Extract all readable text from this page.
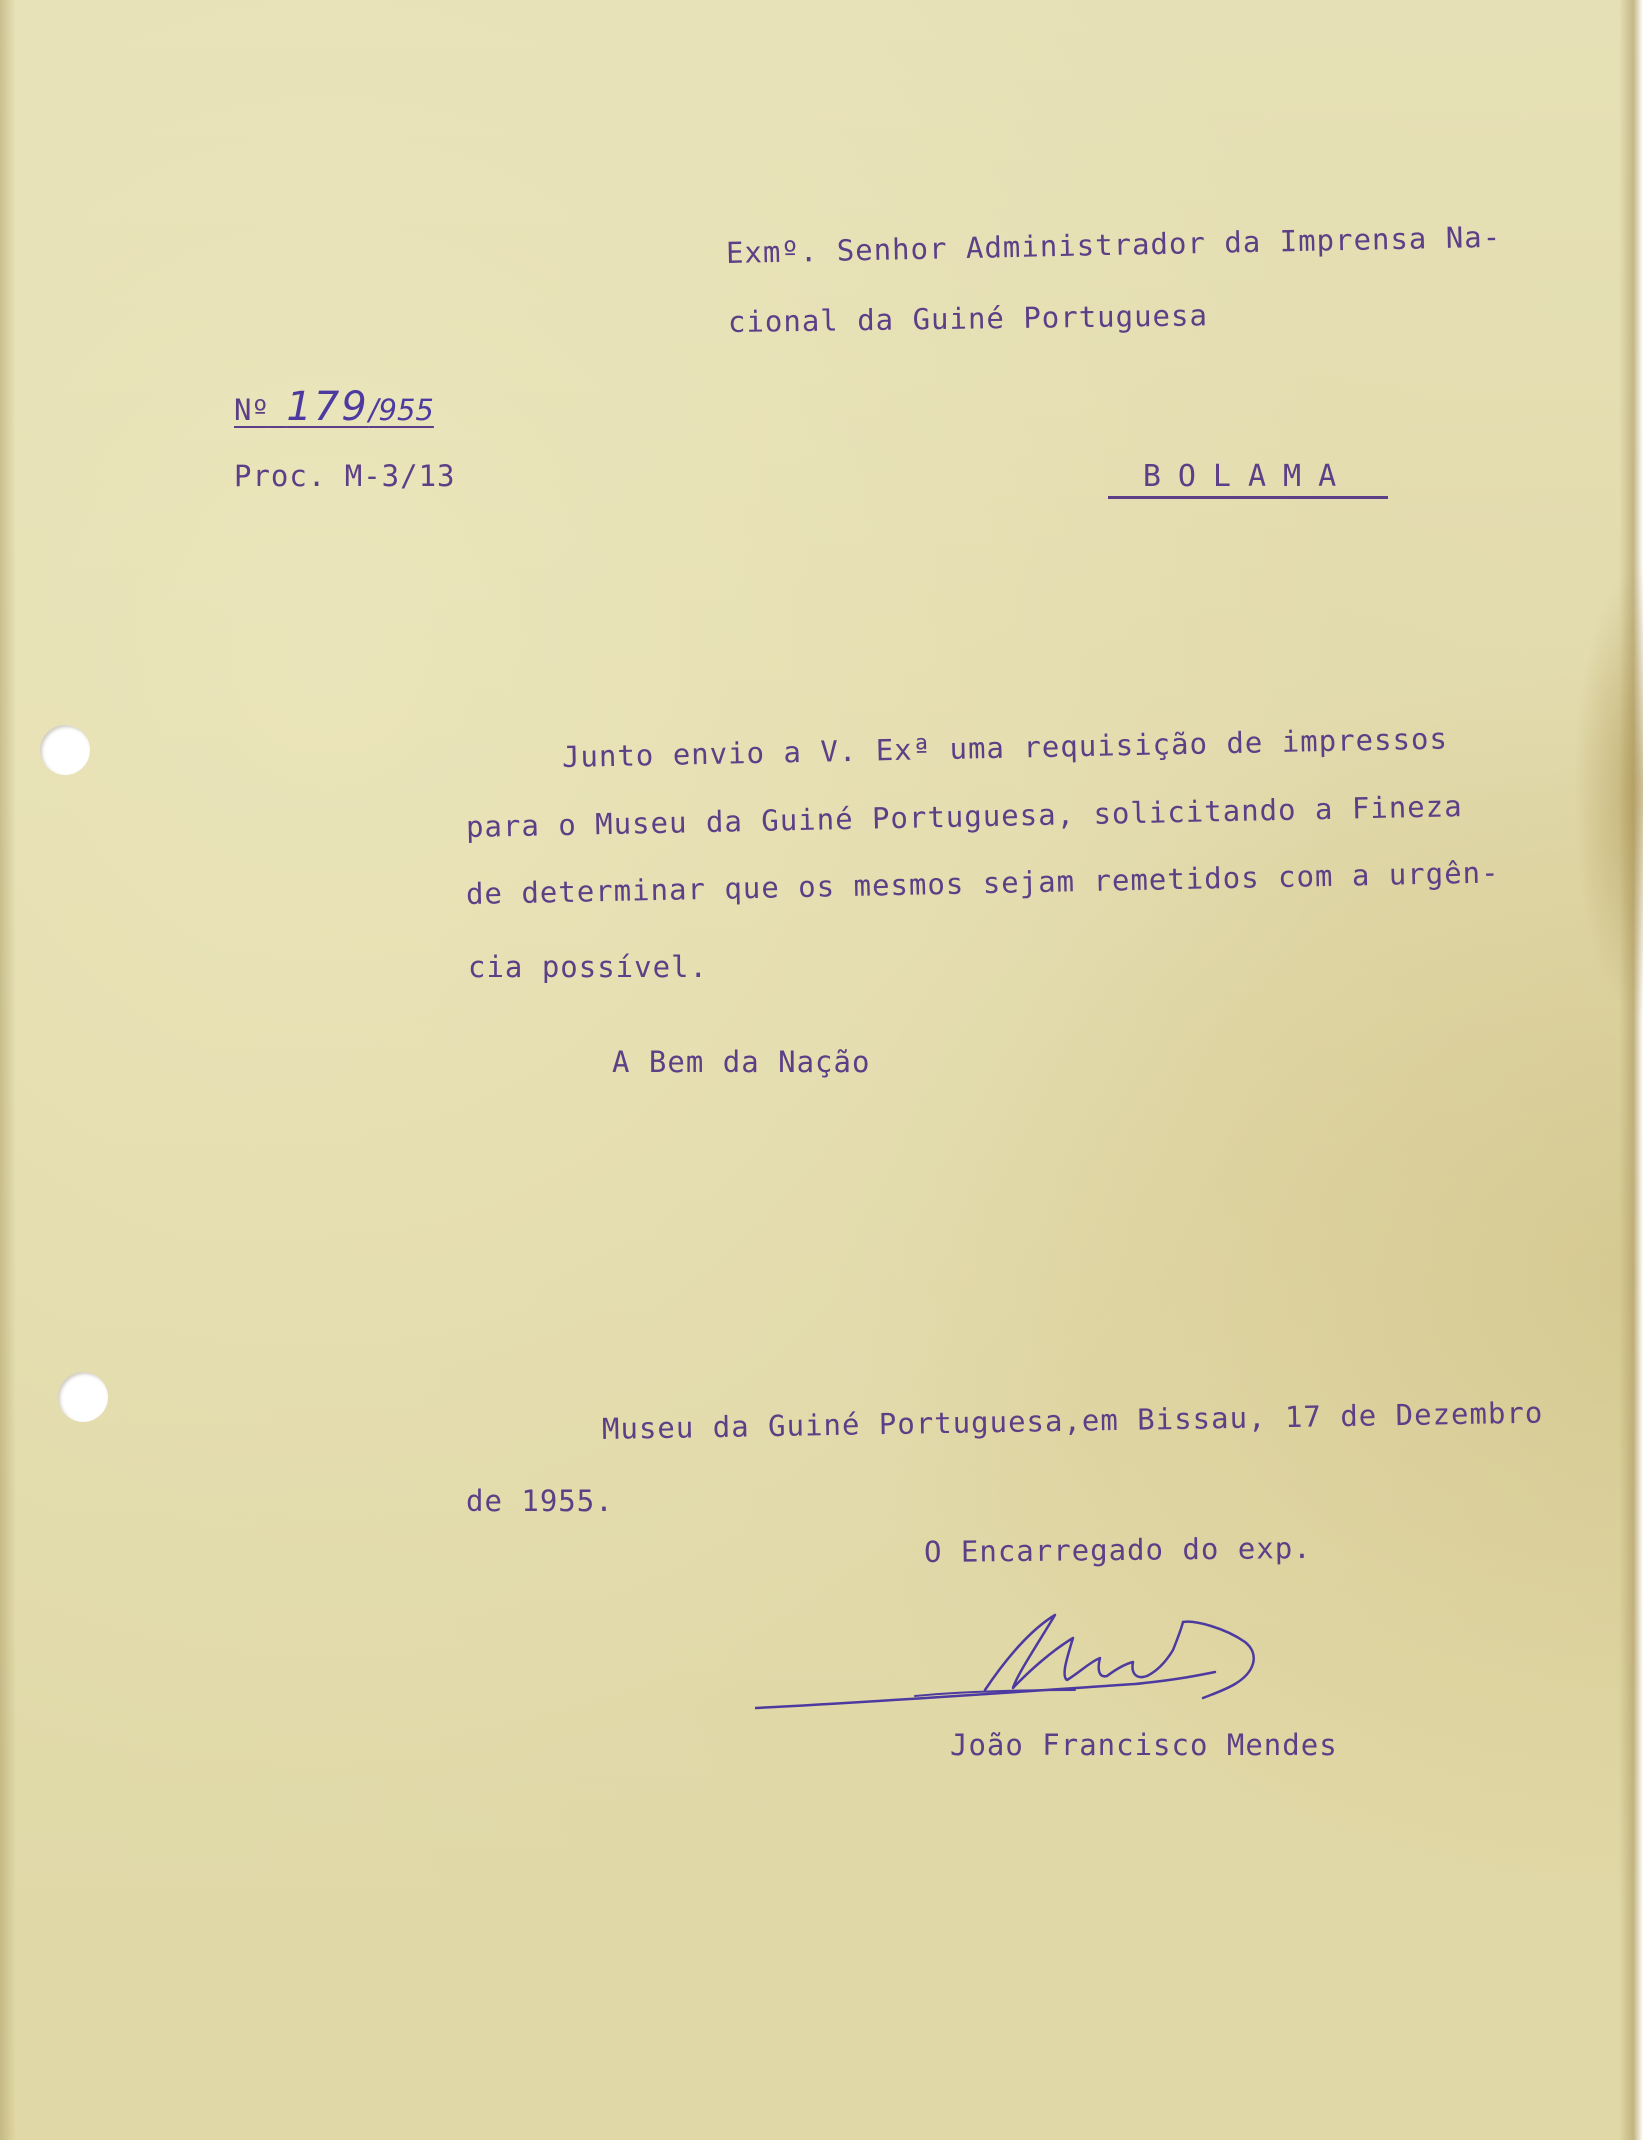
Exmº. Senhor Administrador da Imprensa Na-
cional da Guiné Portuguesa
Nº 179/955
Proc. M-3/13	BOLAMA
Junto envio a V. Exª uma requisição de impressos
para o Museu da Guiné Portuguesa, solicitando a Fineza
de determinar que os mesmos sejam remetidos com a urgên-
cia possível.
A Bem da Nação
Museu da Guiné Portuguesa,em Bissau, 17 de Dezembro
de 1955.
O Encarregado do exp.
João Francisco Mendes
